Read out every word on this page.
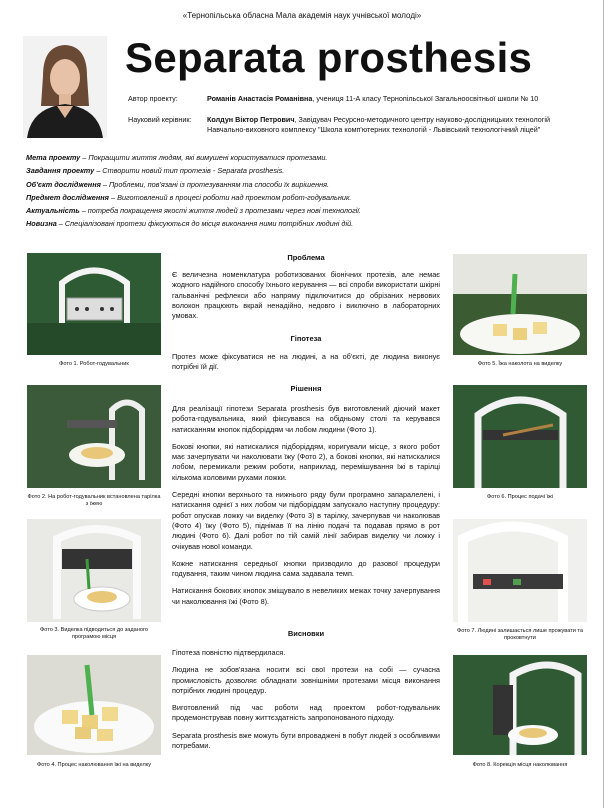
«Тернопільська обласна Мала академія наук учнівської молоді»
Separata prosthesis
Автор проекту:	Романів Анастасія Романівна, учениця 11-А класу Тернопільської Загальноосвітньої школи № 10
Науковий керівник: Колдун Віктор Петрович, Завідувач Ресурсно-методичного центру науково-дослідницьких технологій
Навчально-виховного комплексу "Школа комп'ютерних технологій - Львівський технологічний ліцей"
Мета проекту – Покращити життя людям, які вимушені користуватися протезами.
Завдання проекту – Створити новий тип протезів - Separata prosthesis.
Об'єкт дослідження – Проблеми, пов'язані із протезуванням та способи їх вирішення.
Предмет дослідження – Виготовлений в процесі роботи над проектом робот-годувальник.
Актуальність – потреба покращення якості життя людей з протезами через нові технології.
Новизна – Спеціалізовані протези фіксуються до місця виконання ними потрібних людині дій.
Фото 1. Робот-годувальник
Фото 2. На робот-годувальник встановлена тарілка з їжею
Фото 3. Виделка підводиться до заданого програмою місця
Фото 4. Процес наколювання їжі на виделку
Фото 5. Їжа наколота на виделку
Фото 6. Процес подачі їжі
Фото 7. Людині залишається лише прожувати та проковтнути
Фото 8. Корекція місця наколювання
Проблема

Є величезна номенклатура роботизованих біонічних протезів, але немає жодного надійного способу їхнього керування — всі спроби використати шкірні гальванічні рефлекси або напряму підключитися до обрізаних нервових волокон працюють вкрай ненадійно, недовго і виключно в лабораторних умовах.

Гіпотеза

Протез може фіксуватися не на людині, а на об'єкті, де людина виконує потрібні їй дії.

Рішення

Для реалізації гіпотези Separata prosthesis був виготовлений діючий макет робота-годувальника, який фіксувався на обідньому столі та керувався натисканням кнопок підборіддям чи лобом людини (Фото 1).

Бокові кнопки, які натискалися підборіддям, коригували місце, з якого робот має зачерпувати чи наколювати їжу (Фото 2), а бокові кнопки, які натискалися лобом, перемикали режим роботи, наприклад, перемішування їжі в тарілці кількома коловими рухами ложки.

Середні кнопки верхнього та нижнього ряду були програмно запаралелені, і натискання однієї з них лобом чи підборіддям запускало наступну процедуру: робот опускав ложку чи виделку (Фото 3) в тарілку, зачерпував чи наколював (Фото 4) їжу (Фото 5), піднімав її на лінію подачі та подавав прямо в рот людині (Фото 6). Далі робот по тій самій лінії забирав виделку чи ложку і очікував нової команди.

Кожне натискання середньої кнопки призводило до разової процедури годування, таким чином людина сама задавала темп.

Натискання бокових кнопок зміщувало в невеликих межах точку зачерпування чи наколювання їжі (Фото 8).

Висновки

Гіпотеза повністю підтвердилася.

Людина не зобов'язана носити всі свої протези на собі — сучасна промисловість дозволяє обладнати зовнішніми протезами місця виконання потрібних людині процедур.

Виготовлений під час роботи над проектом робот-годувальник продемонстрував повну життєздатність запропонованого підходу.

Separata prosthesis вже можуть бути впроваджені в побут людей з особливими потребами.
